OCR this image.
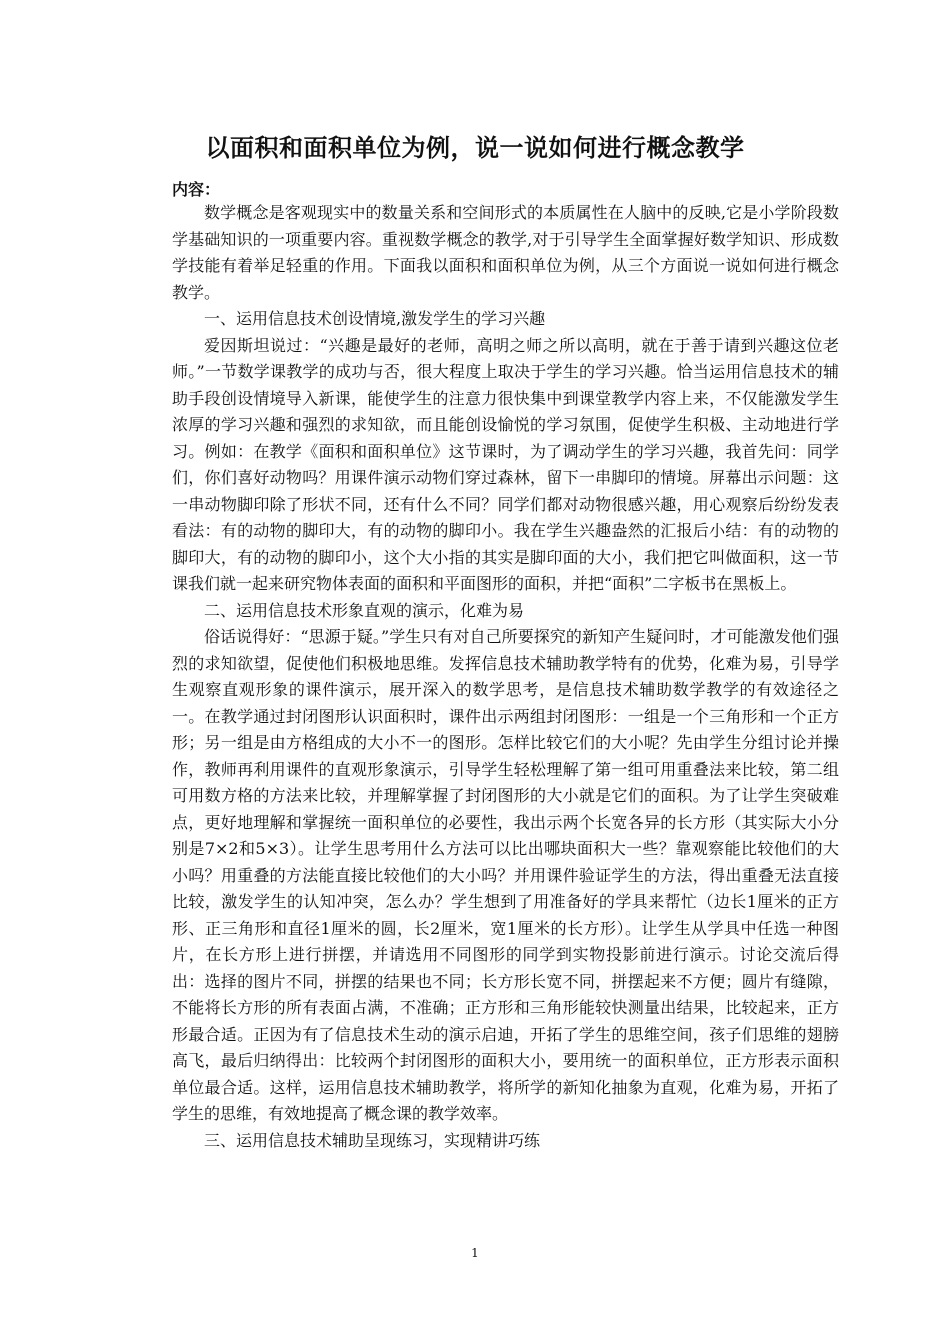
以面积和面积单位为例，说一说如何进行概念教学
内容：

数学概念是客观现实中的数量关系和空间形式的本质属性在人脑中的反映,它是小学阶段数学基础知识的一项重要内容。重视数学概念的教学,对于引导学生全面掌握好数学知识、形成数学技能有着举足轻重的作用。下面我以面积和面积单位为例，从三个方面说一说如何进行概念教学。

一、运用信息技术创设情境,激发学生的学习兴趣

爱因斯坦说过：“兴趣是最好的老师，高明之师之所以高明，就在于善于请到兴趣这位老师。”一节数学课教学的成功与否，很大程度上取决于学生的学习兴趣。恰当运用信息技术的辅助手段创设情境导入新课，能使学生的注意力很快集中到课堂教学内容上来，不仅能激发学生浓厚的学习兴趣和强烈的求知欲，而且能创设愉悦的学习氛围，促使学生积极、主动地进行学习。例如：在教学《面积和面积单位》这节课时，为了调动学生的学习兴趣，我首先问：同学们，你们喜好动物吗？用课件演示动物们穿过森林，留下一串脚印的情境。屏幕出示问题：这一串动物脚印除了形状不同，还有什么不同？同学们都对动物很感兴趣，用心观察后纷纷发表看法：有的动物的脚印大，有的动物的脚印小。我在学生兴趣盎然的汇报后小结：有的动物的脚印大，有的动物的脚印小，这个大小指的其实是脚印面的大小，我们把它叫做面积，这一节课我们就一起来研究物体表面的面积和平面图形的面积，并把“面积”二字板书在黑板上。

二、运用信息技术形象直观的演示，化难为易

俗话说得好：“思源于疑。”学生只有对自己所要探究的新知产生疑问时，才可能激发他们强烈的求知欲望，促使他们积极地思维。发挥信息技术辅助教学特有的优势，化难为易，引导学生观察直观形象的课件演示，展开深入的数学思考，是信息技术辅助数学教学的有效途径之一。在教学通过封闭图形认识面积时，课件出示两组封闭图形：一组是一个三角形和一个正方形；另一组是由方格组成的大小不一的图形。怎样比较它们的大小呢？先由学生分组讨论并操作，教师再利用课件的直观形象演示，引导学生轻松理解了第一组可用重叠法来比较，第二组可用数方格的方法来比较，并理解掌握了封闭图形的大小就是它们的面积。为了让学生突破难点，更好地理解和掌握统一面积单位的必要性，我出示两个长宽各异的长方形（其实际大小分别是7×2和5×3）。让学生思考用什么方法可以比出哪块面积大一些？靠观察能比较他们的大小吗？用重叠的方法能直接比较他们的大小吗？并用课件验证学生的方法，得出重叠无法直接比较，激发学生的认知冲突，怎么办？学生想到了用准备好的学具来帮忙（边长1厘米的正方形、正三角形和直径1厘米的圆，长2厘米，宽1厘米的长方形）。让学生从学具中任选一种图片，在长方形上进行拼摆，并请选用不同图形的同学到实物投影前进行演示。讨论交流后得出：选择的图片不同，拼摆的结果也不同；长方形长宽不同，拼摆起来不方便；圆片有缝隙，不能将长方形的所有表面占满，不准确；正方形和三角形能较快测量出结果，比较起来，正方形最合适。正因为有了信息技术生动的演示启迪，开拓了学生的思维空间，孩子们思维的翅膀高飞，最后归纳得出：比较两个封闭图形的面积大小，要用统一的面积单位，正方形表示面积单位最合适。这样，运用信息技术辅助教学，将所学的新知化抽象为直观，化难为易，开拓了学生的思维，有效地提高了概念课的教学效率。

三、运用信息技术辅助呈现练习，实现精讲巧练

1
